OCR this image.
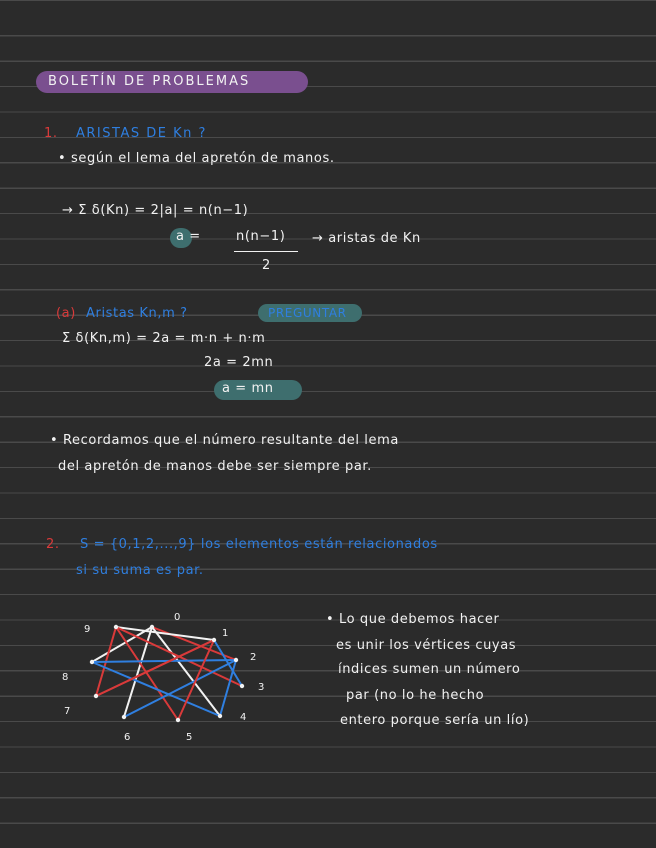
BOLETÍN DE PROBLEMAS
1. ARISTAS DE Kn ?
• según el lema del apretón de manos.
→ Σ δ(Kn) = 2|a| = n(n−1)
a =	n(n−1)
2
→ aristas de Kn
(a) Aristas Kn,m ?	PREGUNTAR
Σ δ(Kn,m) = 2a = m·n + n·m
2a = 2mn
a = mn
• Recordamos que el número resultante del lema
del apretón de manos debe ser siempre par.
2. S = {0,1,2,...,9} los elementos están relacionados
si su suma es par.
0
1
2
3
4
5
6
7
8
9
• Lo que debemos hacer
es unir los vértices cuyas
índices sumen un número
par (no lo he hecho
entero porque sería un lío)
